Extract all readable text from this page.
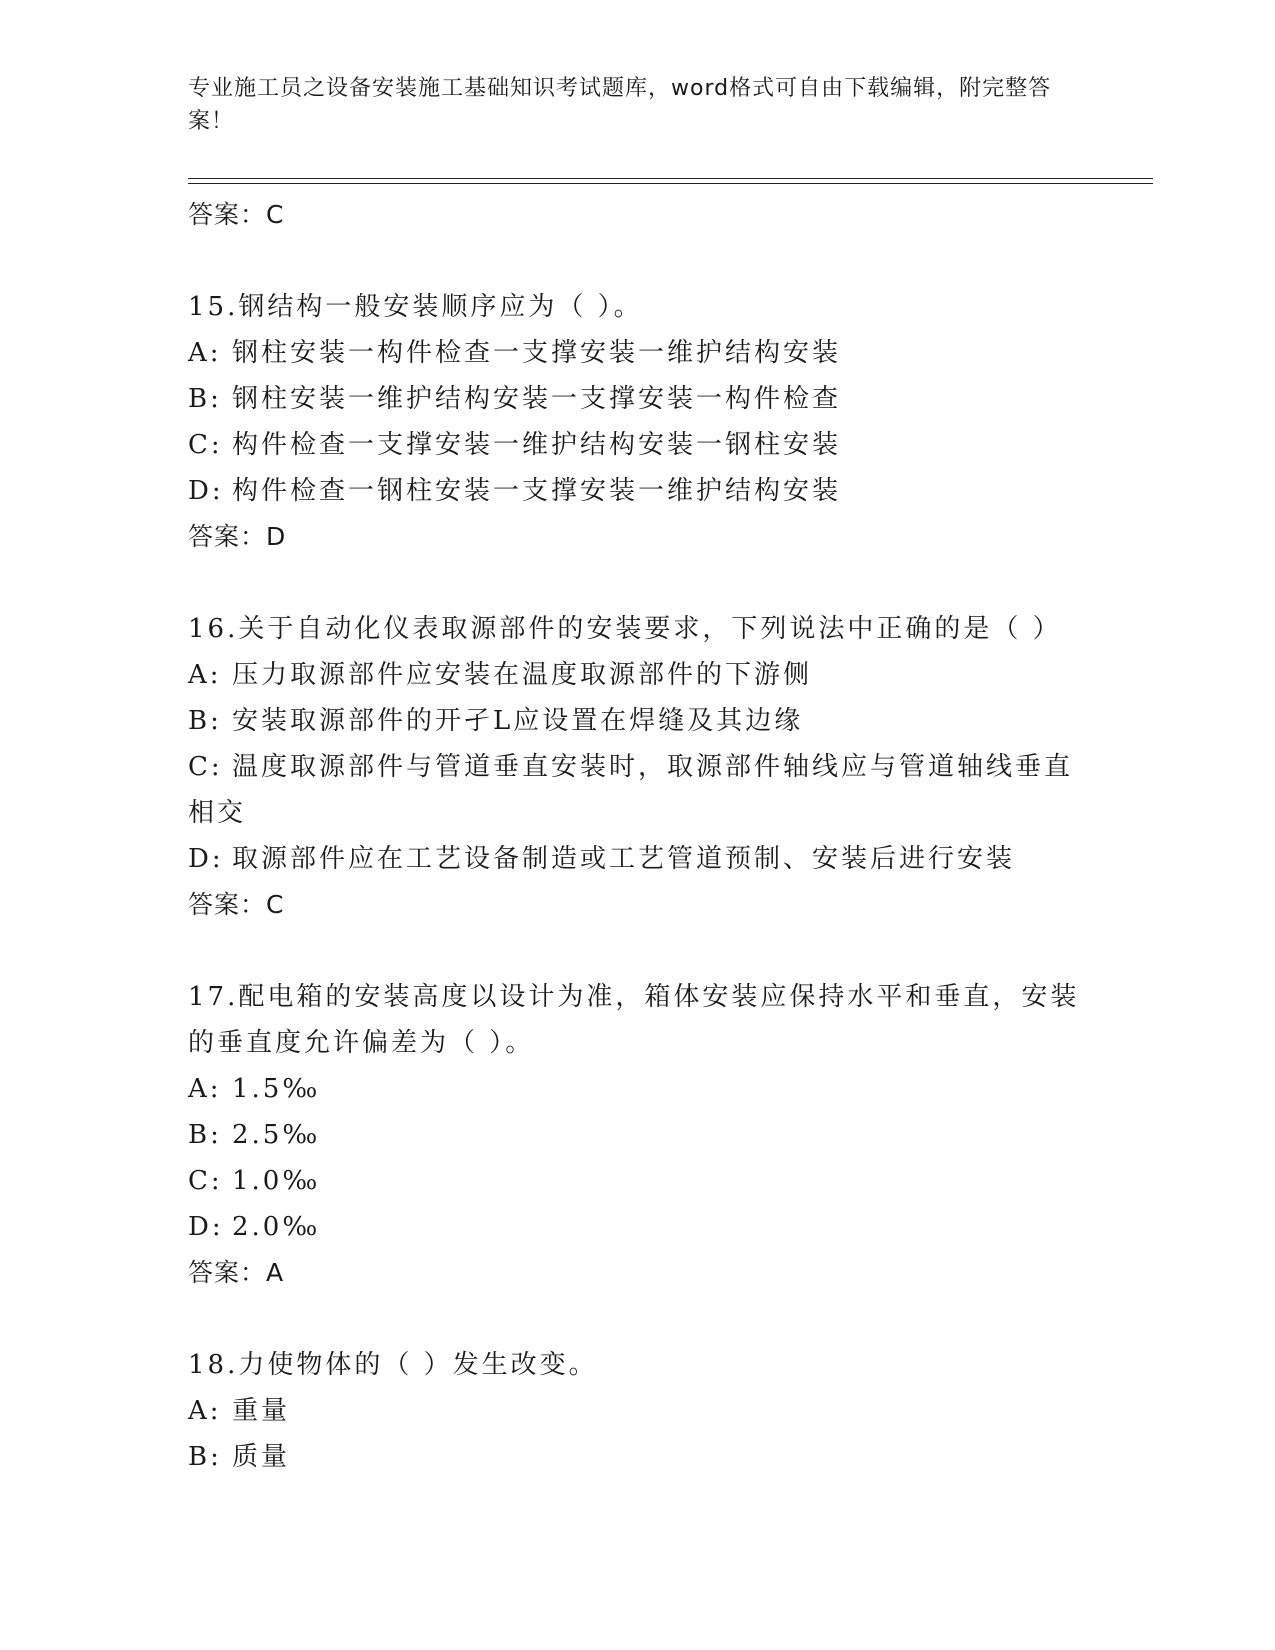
专业施工员之设备安装施工基础知识考试题库，word格式可自由下载编辑，附完整答案！

答案：C

15.钢结构一般安装顺序应为（ ）。

A: 钢柱安装一构件检查一支撑安装一维护结构安装

B: 钢柱安装一维护结构安装一支撑安装一构件检查

C: 构件检查一支撑安装一维护结构安装一钢柱安装

D: 构件检查一钢柱安装一支撑安装一维护结构安装

答案：D

16.关于自动化仪表取源部件的安装要求，下列说法中正确的是（ ）

A: 压力取源部件应安装在温度取源部件的下游侧

B: 安装取源部件的开孑L应设置在焊缝及其边缘

C: 温度取源部件与管道垂直安装时，取源部件轴线应与管道轴线垂直

相交

D: 取源部件应在工艺设备制造或工艺管道预制、安装后进行安装

答案：C

17.配电箱的安装高度以设计为准，箱体安装应保持水平和垂直，安装

的垂直度允许偏差为（ ）。

A: 1.5‰

B: 2.5‰

C: 1.0‰

D: 2.0‰

答案：A

18.力使物体的（ ）发生改变。

A: 重量

B: 质量
